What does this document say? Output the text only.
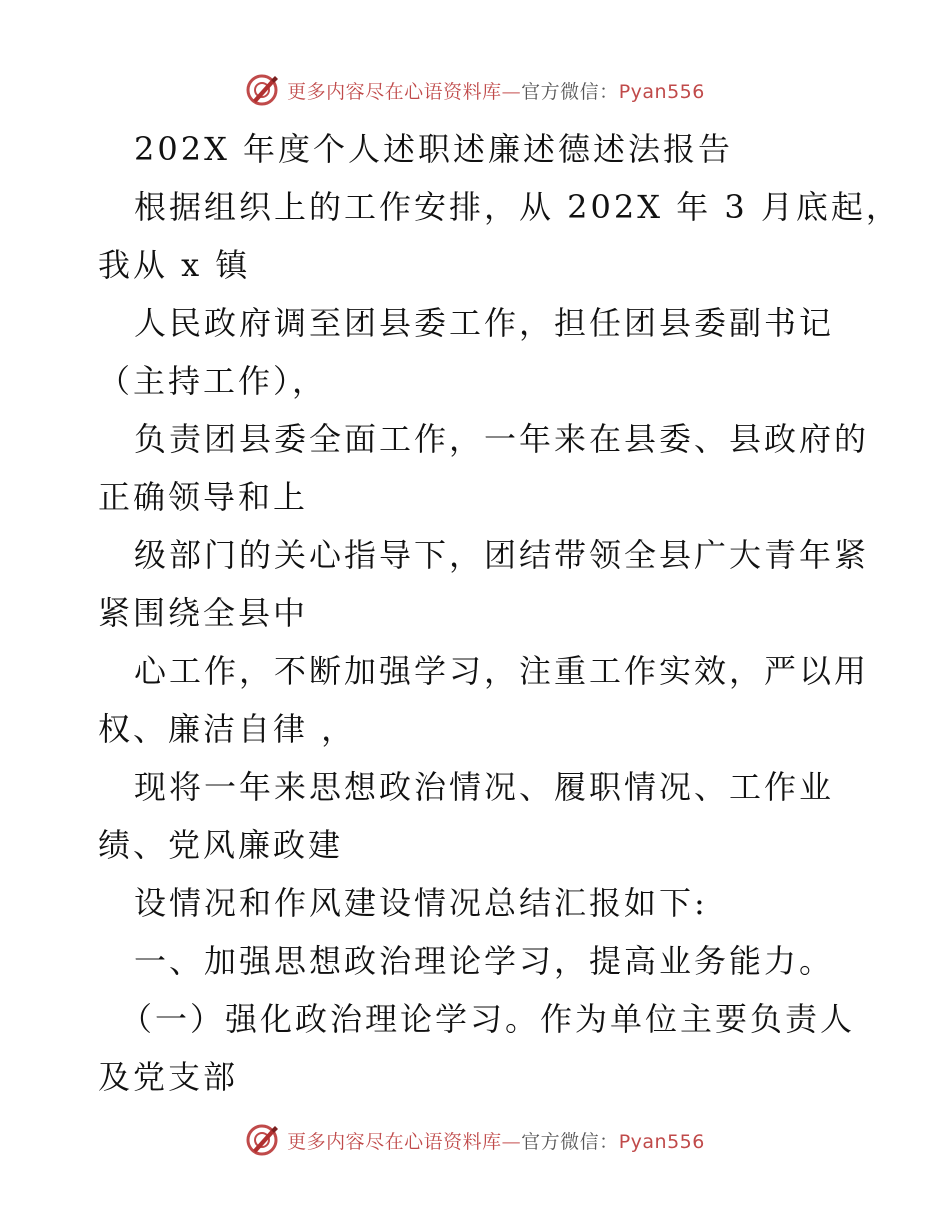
更多内容尽在心语资料库—官方微信：Pyan556
202X 年度个人述职述廉述德述法报告
根据组织上的工作安排，从 202X 年 3 月底起，
我从 x 镇
人民政府调至团县委工作，担任团县委副书记
（主持工作），
负责团县委全面工作，一年来在县委、县政府的
正确领导和上
级部门的关心指导下，团结带领全县广大青年紧
紧围绕全县中
心工作，不断加强学习，注重工作实效，严以用
权、廉洁自律 ，
现将一年来思想政治情况、履职情况、工作业
绩、党风廉政建
设情况和作风建设情况总结汇报如下:
一、加强思想政治理论学习，提高业务能力。
（一）强化政治理论学习。作为单位主要负责人
及党支部
更多内容尽在心语资料库—官方微信：Pyan556
